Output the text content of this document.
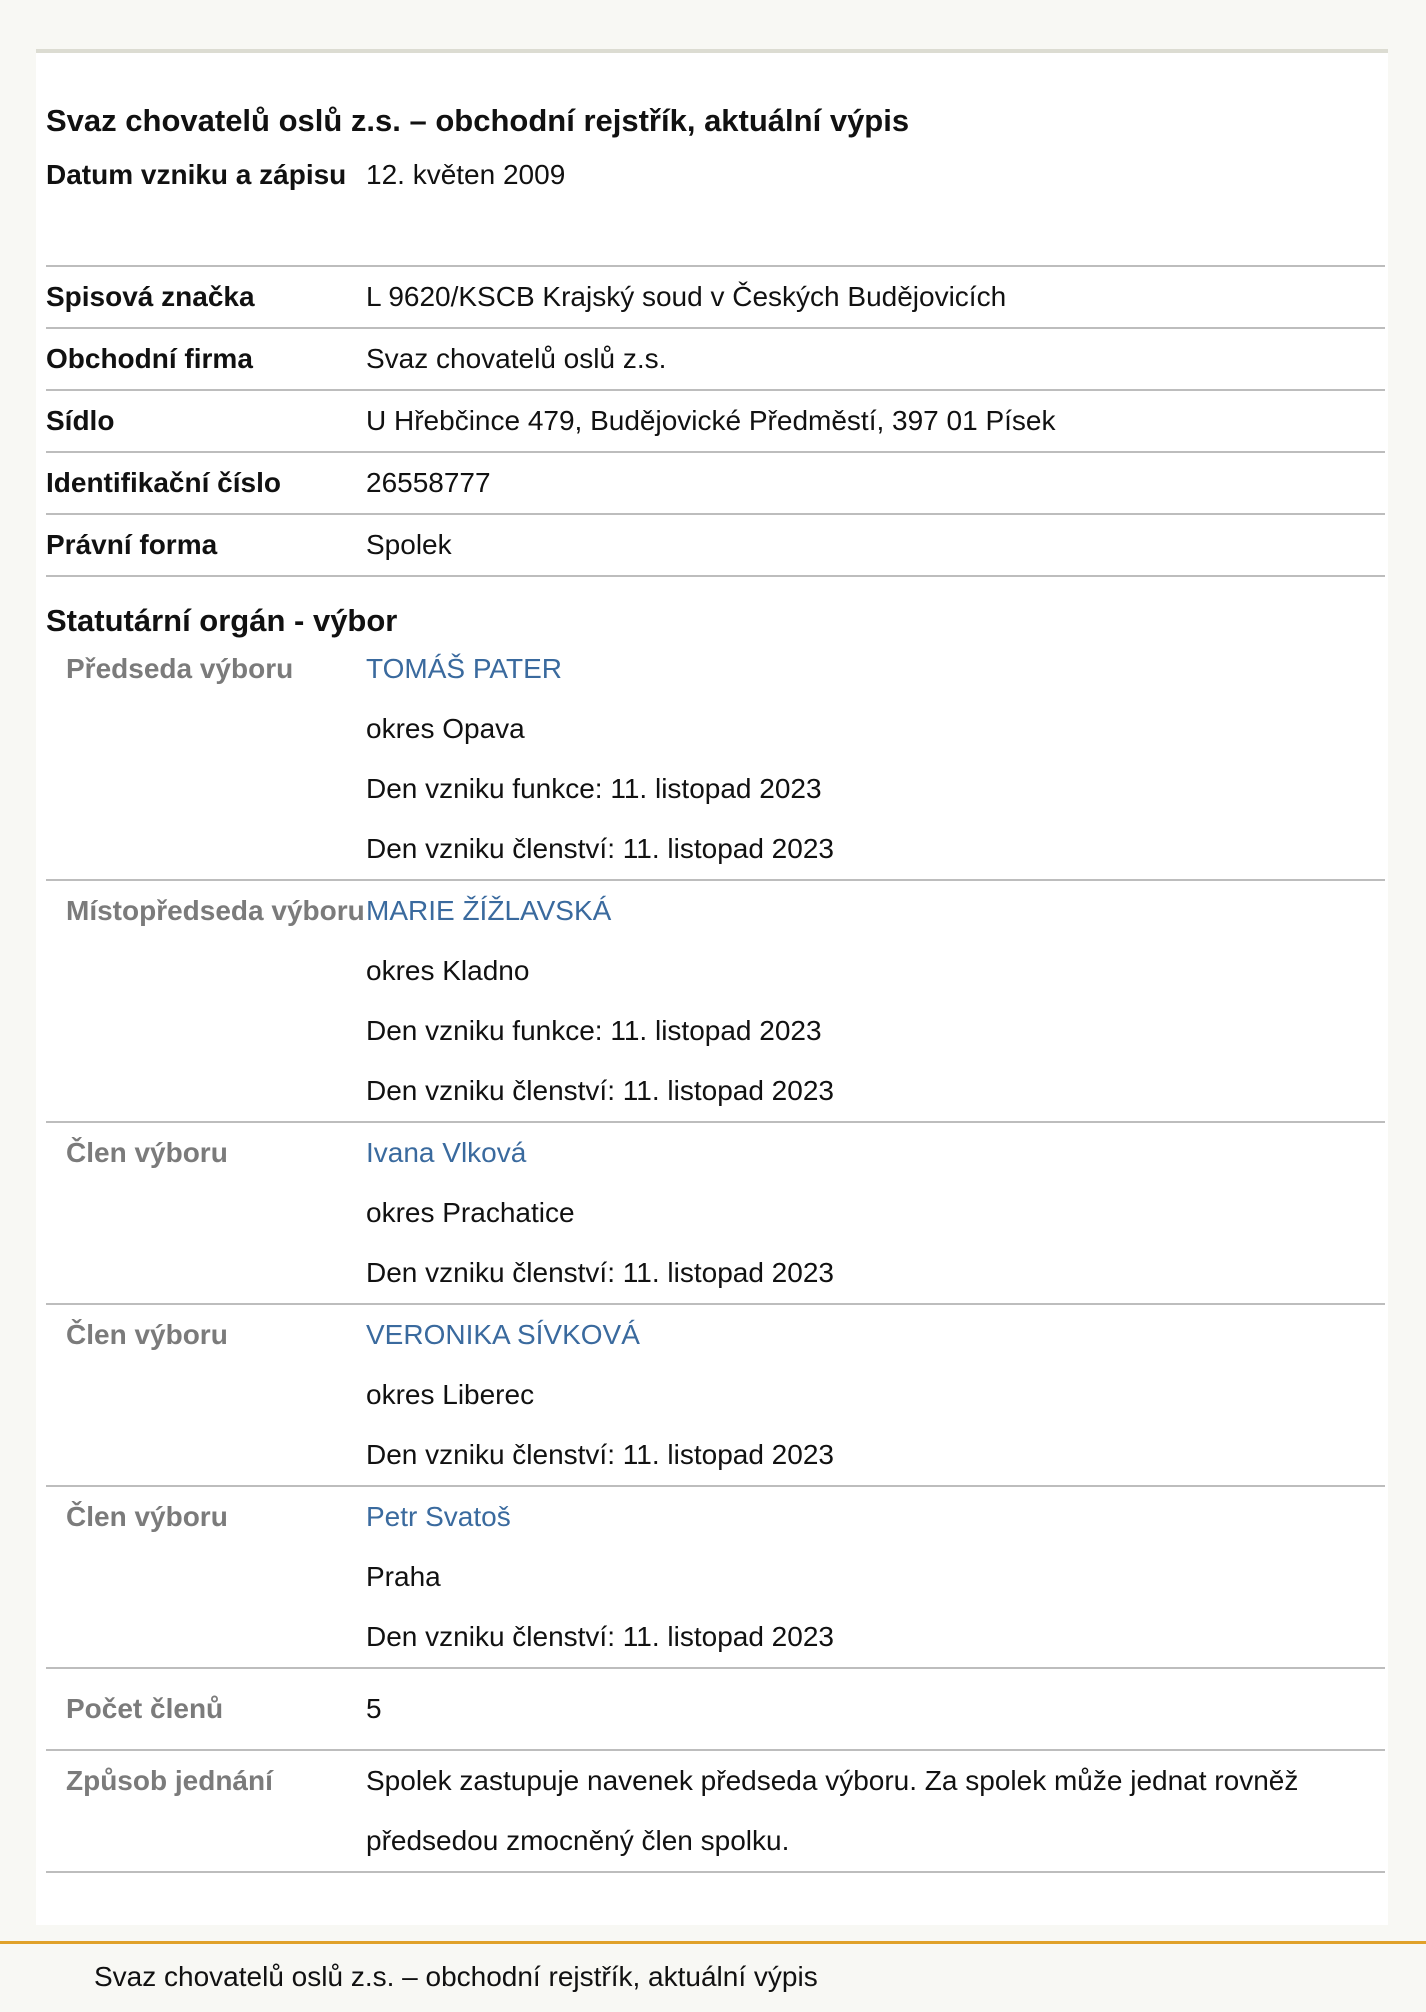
Svaz chovatelů oslů z.s. – obchodní rejstřík, aktuální výpis
Datum vzniku a zápisu 12. květen 2009
Spisová značka	L 9620/KSCB Krajský soud v Českých Budějovicích
Obchodní firma	Svaz chovatelů oslů z.s.
Sídlo	U Hřebčince 479, Budějovické Předměstí, 397 01 Písek
Identifikační číslo	26558777
Právní forma	Spolek
Statutární orgán - výbor
Předseda výboru	TOMÁŠ PATER
okres Opava
Den vzniku funkce: 11. listopad 2023
Den vzniku členství: 11. listopad 2023
Místopředseda výboru MARIE ŽÍŽLAVSKÁ
okres Kladno
Den vzniku funkce: 11. listopad 2023
Den vzniku členství: 11. listopad 2023
Člen výboru	Ivana Vlková
okres Prachatice
Den vzniku členství: 11. listopad 2023
Člen výboru	VERONIKA SÍVKOVÁ
okres Liberec
Den vzniku členství: 11. listopad 2023
Člen výboru	Petr Svatoš
Praha
Den vzniku členství: 11. listopad 2023
Počet členů	5
Způsob jednání	Spolek zastupuje navenek předseda výboru. Za spolek může jednat rovněž předsedou zmocněný člen spolku.
Svaz chovatelů oslů z.s. – obchodní rejstřík, aktuální výpis
